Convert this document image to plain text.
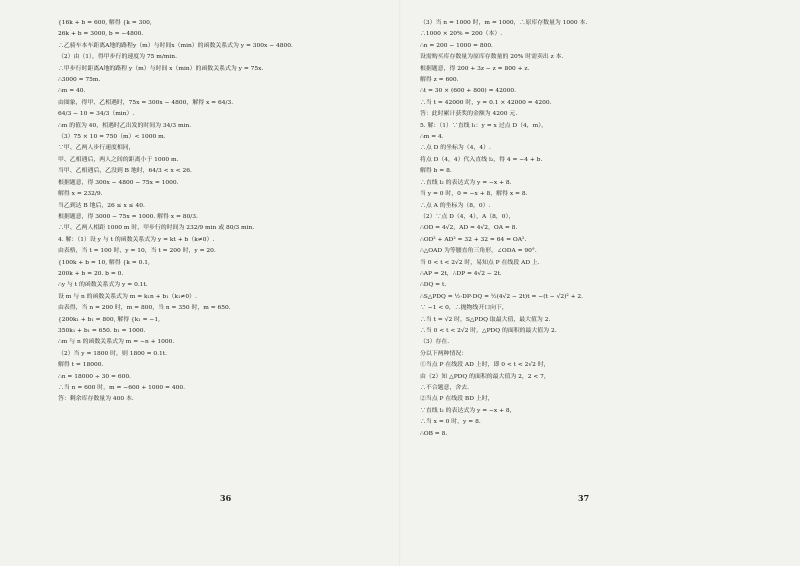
{16k + b = 600, 解得 {k = 300,
26k + b = 3000, b = −4800.
∴乙骑车本车距离A地的路程y（m）与时间x（min）的函数关系式为 y = 300x − 4800.
（2）由（1），得甲步行的速度为 75 m/min.
∴甲步行时距离A地的路程 y（m）与时间 x（min）的函数关系式为 y = 75x.
∴3000 = 75m.
∴m = 40.
由图象，得甲、乙相遇时，75x = 300x − 4800，解得 x = 64/3.
64/3 − 10 = 34/3（min）.
∴m 的值为 40，相遇时乙出发的时间为 34/3 min.
（3）75 × 10 = 750（m）< 1000 m.
∵甲、乙两人步行速度相同，
甲、乙相遇后，两人之间的距离小于 1000 m.
当甲、乙相遇后，乙没到 B 地时，64/3 < x < 26.
根据题意，得 300x − 4800 − 75x = 1000.
解得 x = 232/9.
当乙到达 B 地后，26 ≤ x ≤ 40.
根据题意，得 3000 − 75x = 1000. 解得 x = 80/3.
∴甲、乙两人相距 1000 m 时，甲步行的时间为 232/9 min 或 80/3 min.
4. 解：（1）设 y 与 t 的函数关系式为 y = kt + b（k≠0）.
由表格，当 t = 100 时，y = 10，当 t = 200 时，y = 20.
{100k + b = 10, 解得 {k = 0.1,
200k + b = 20. b = 0.
∴y 与 t 的函数关系式为 y = 0.1t.
设 m 与 n 的函数关系式为 m = k₁n + b₁（k₁≠0）.
由表得，当 n = 200 时，m = 800，当 n = 350 时，m = 650.
{200k₁ + b₁ = 800, 解得 {k₁ = −1,
350k₁ + b₁ = 650. b₁ = 1000.
∴m 与 n 的函数关系式为 m = −n + 1000.
（2）当 y = 1800 时，则 1800 = 0.1t.
解得 t = 18000.
∴n = 18000 ÷ 30 = 600.
∴当 n = 600 时，m = −600 + 1000 = 400.
答：剩余库存数量为 400 本.
36
（3）当 n = 1000 时，m = 1000，∴原库存数量为 1000 本.
∴1000 × 20% = 200（本）.
∴n = 200 − 1000 = 800.
设需购买库存数量为原库存数量的 20% 时需卖出 z 本.
根据题意，得 200 + 3z − z = 800 + z.
解得 z = 600.
∴t = 30 × (600 + 800) = 42000.
∴当 t = 42000 时，y = 0.1 × 42000 = 4200.
答：此时累计获奖的金额为 4200 元.
5. 解：（1）∵直线 l₁：y = x 过点 D（4，m），
∴m = 4.
∴点 D 的坐标为（4，4）.
将点 D（4，4）代入直线 l₂，得 4 = −4 + b.
解得 b = 8.
∴直线 l₂ 的表达式为 y = −x + 8.
当 y = 0 时，0 = −x + 8，解得 x = 8.
∴点 A 的坐标为（8，0）.
（2）∵点 D（4，4），A（8，0），
∴OD = 4√2，AD = 4√2，OA = 8.
∴OD² + AD² = 32 + 32 = 64 = OA².
∴△OAD 为等腰直角三角形，∠ODA = 90°.
当 0 < t < 2√2 时，易知点 P 在线段 AD 上.
∴AP = 2t，∴DP = 4√2 − 2t.
∴DQ = t.
∴S△PDQ = ½·DP·DQ = ½(4√2 − 2t)t = −(t − √2)² + 2.
∵ −1 < 0，∴抛物线开口向下，
∴当 t = √2 时，S△PDQ 取最大值，最大值为 2.
∴当 0 < t < 2√2 时，△PDQ 的面积的最大值为 2.
（3）存在.
分以下两种情况：
①当点 P 在线段 AD 上时，即 0 < t < 2√2 时，
由（2）知 △PDQ 的面积的最大值为 2，2 < 7，
∴不合题意，舍去.
②当点 P 在线段 BD 上时，
∵直线 l₂ 的表达式为 y = −x + 8，
∴当 x = 0 时，y = 8.
∴OB = 8.
37
